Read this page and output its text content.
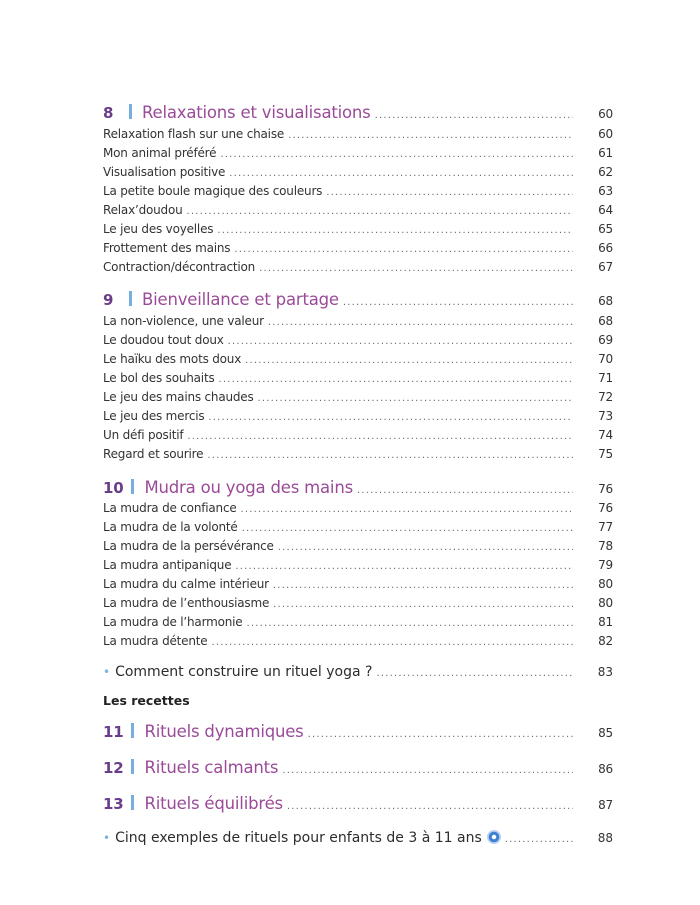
8 Relaxations et visualisations .....	60
Relaxation flash sur une chaise .....	60
Mon animal préféré .....	61
Visualisation positive .....	62
La petite boule magique des couleurs .....	63
Relax’doudou .....	64
Le jeu des voyelles .....	65
Frottement des mains .....	66
Contraction/décontraction .....	67
9 Bienveillance et partage .....	68
La non-violence, une valeur .....	68
Le doudou tout doux .....	69
Le haïku des mots doux .....	70
Le bol des souhaits .....	71
Le jeu des mains chaudes .....	72
Le jeu des mercis .....	73
Un défi positif .....	74
Regard et sourire .....	75
10 Mudra ou yoga des mains .....	76
La mudra de confiance .....	76
La mudra de la volonté .....	77
La mudra de la persévérance .....	78
La mudra antipanique .....	79
La mudra du calme intérieur .....	80
La mudra de l’enthousiasme .....	80
La mudra de l’harmonie .....	81
La mudra détente .....	82
• Comment construire un rituel yoga ? .....	83
Les recettes
11 Rituels dynamiques .....	85
12 Rituels calmants .....	86
13 Rituels équilibrés .....	87
• Cinq exemples de rituels pour enfants de 3 à 11 ans .....	88
